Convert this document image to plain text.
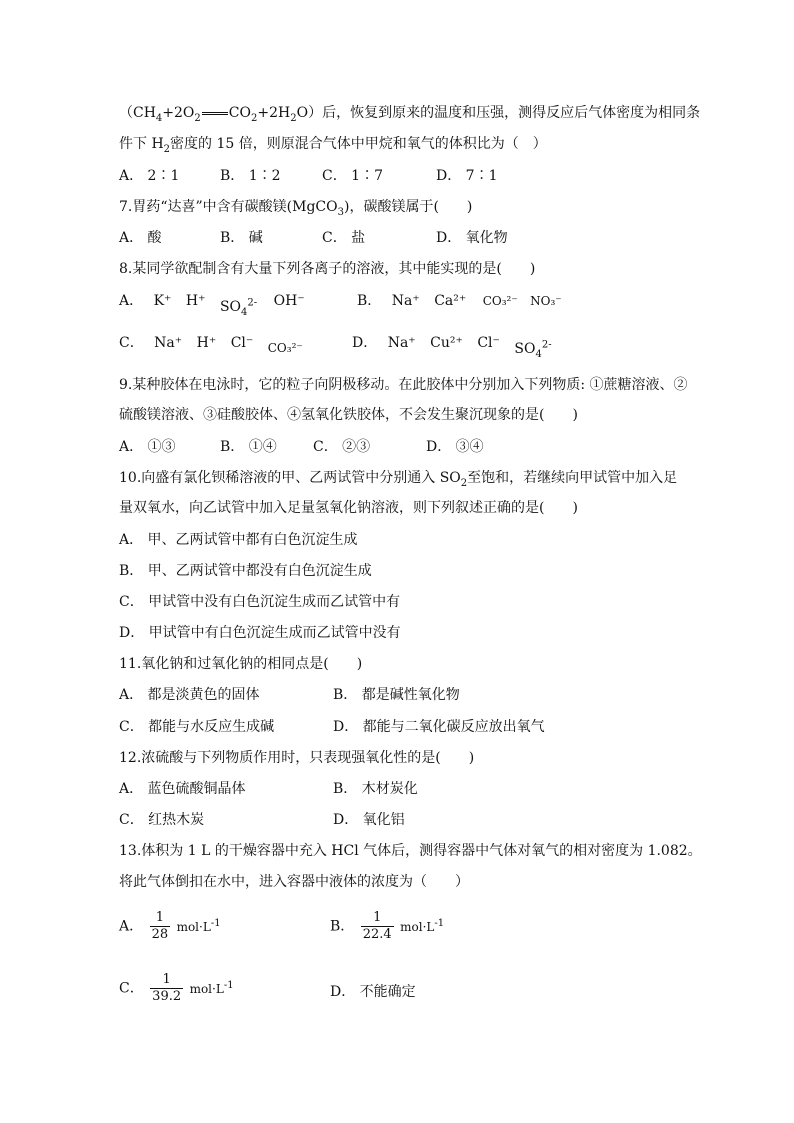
（$CH_4+2O_2$ $CO_2+2H_2O$）后，恢复到原来的温度和压强，测得反应后气体密度为相同条
件下 $H_2$密度的 15 倍，则原混合气体中甲烷和氧气的体积比为（　）
A． 2∶1	B． 1∶2	C． 1∶7	D． 7∶1
7.胃药“达喜”中含有碳酸镁(MgCO$_3$)，碳酸镁属于(　　)
A． 酸	B． 碱	C． 盐	D． 氧化物
8.某同学欲配制含有大量下列各离子的溶液，其中能实现的是(　　)
A． K⁺ H⁺ $SO_4^{2-}$ OH⁻	B． Na⁺ Ca²⁺ CO₃²⁻ NO₃⁻
C． Na⁺ H⁺ Cl⁻ CO₃²⁻	D． Na⁺ Cu²⁺ Cl⁻ $SO_4^{2-}$
9.某种胶体在电泳时，它的粒子向阴极移动。在此胶体中分别加入下列物质: ①蔗糖溶液、②
硫酸镁溶液、③硅酸胶体、④氢氧化铁胶体，不会发生聚沉现象的是(　　)
A． ①③	B． ①④	C． ②③	D． ③④
10.向盛有氯化钡稀溶液的甲、乙两试管中分别通入 $SO_2$至饱和，若继续向甲试管中加入足
量双氧水，向乙试管中加入足量氢氧化钠溶液，则下列叙述正确的是(　　)
A． 甲、乙两试管中都有白色沉淀生成
B． 甲、乙两试管中都没有白色沉淀生成
C． 甲试管中没有白色沉淀生成而乙试管中有
D． 甲试管中有白色沉淀生成而乙试管中没有
11.氧化钠和过氧化钠的相同点是(　　)
A． 都是淡黄色的固体	B． 都是碱性氧化物
C． 都能与水反应生成碱	D． 都能与二氧化碳反应放出氧气
12.浓硫酸与下列物质作用时，只表现强氧化性的是(　　)
A． 蓝色硫酸铜晶体	B． 木材炭化
C． 红热木炭	D． 氧化铝
13.体积为 1 L 的干燥容器中充入 HCl 气体后，测得容器中气体对氧气的相对密度为 1.082。
将此气体倒扣在水中，进入容器中液体的浓度为（　　）
A． $\frac{1}{28} mol\cdot L^{-1}$	B． $\frac{1}{22.4} mol\cdot L^{-1}$
C． $\frac{1}{39.2} mol\cdot L^{-1}$	D． 不能确定
